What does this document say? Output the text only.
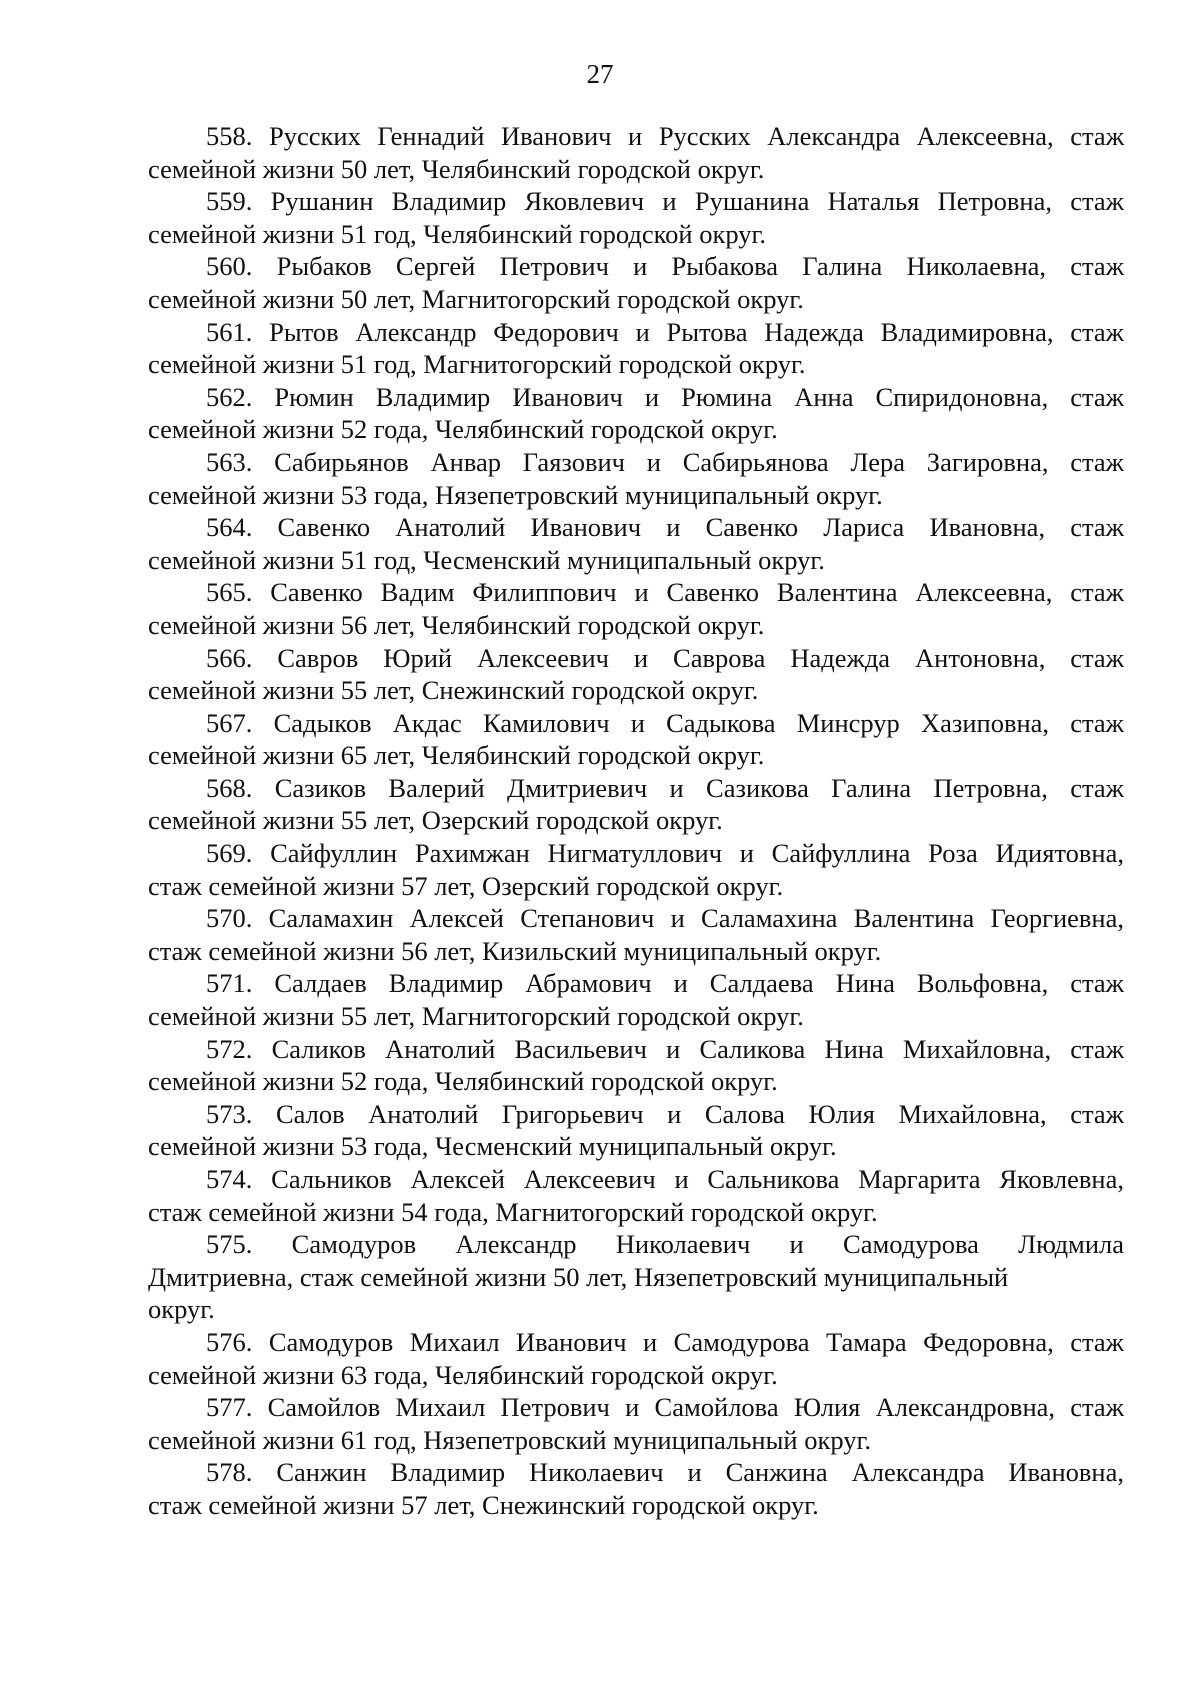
27

558. Русских Геннадий Иванович и Русских Александра Алексеевна, стаж
семейной жизни 50 лет, Челябинский городской округ.
559. Рушанин Владимир Яковлевич и Рушанина Наталья Петровна, стаж
семейной жизни 51 год, Челябинский городской округ.
560. Рыбаков Сергей Петрович и Рыбакова Галина Николаевна, стаж
семейной жизни 50 лет, Магнитогорский городской округ.
561. Рытов Александр Федорович и Рытова Надежда Владимировна, стаж
семейной жизни 51 год, Магнитогорский городской округ.
562. Рюмин Владимир Иванович и Рюмина Анна Спиридоновна, стаж
семейной жизни 52 года, Челябинский городской округ.
563. Сабирьянов Анвар Гаязович и Сабирьянова Лера Загировна, стаж
семейной жизни 53 года, Нязепетровский муниципальный округ.
564. Савенко Анатолий Иванович и Савенко Лариса Ивановна, стаж
семейной жизни 51 год, Чесменский муниципальный округ.
565. Савенко Вадим Филиппович и Савенко Валентина Алексеевна, стаж
семейной жизни 56 лет, Челябинский городской округ.
566. Савров Юрий Алексеевич и Саврова Надежда Антоновна, стаж
семейной жизни 55 лет, Снежинский городской округ.
567. Садыков Акдас Камилович и Садыкова Минсрур Хазиповна, стаж
семейной жизни 65 лет, Челябинский городской округ.
568. Сазиков Валерий Дмитриевич и Сазикова Галина Петровна, стаж
семейной жизни 55 лет, Озерский городской округ.
569. Сайфуллин Рахимжан Нигматуллович и Сайфуллина Роза Идиятовна,
стаж семейной жизни 57 лет, Озерский городской округ.
570. Саламахин Алексей Степанович и Саламахина Валентина Георгиевна,
стаж семейной жизни 56 лет, Кизильский муниципальный округ.
571. Салдаев Владимир Абрамович и Салдаева Нина Вольфовна, стаж
семейной жизни 55 лет, Магнитогорский городской округ.
572. Саликов Анатолий Васильевич и Саликова Нина Михайловна, стаж
семейной жизни 52 года, Челябинский городской округ.
573. Салов Анатолий Григорьевич и Салова Юлия Михайловна, стаж
семейной жизни 53 года, Чесменский муниципальный округ.
574. Сальников Алексей Алексеевич и Сальникова Маргарита Яковлевна,
стаж семейной жизни 54 года, Магнитогорский городской округ.
575. Самодуров Александр Николаевич и Самодурова Людмила
Дмитриевна, стаж семейной жизни 50 лет, Нязепетровский муниципальный
округ.
576. Самодуров Михаил Иванович и Самодурова Тамара Федоровна, стаж
семейной жизни 63 года, Челябинский городской округ.
577. Самойлов Михаил Петрович и Самойлова Юлия Александровна, стаж
семейной жизни 61 год, Нязепетровский муниципальный округ.
578. Санжин Владимир Николаевич и Санжина Александра Ивановна,
стаж семейной жизни 57 лет, Снежинский городской округ.
